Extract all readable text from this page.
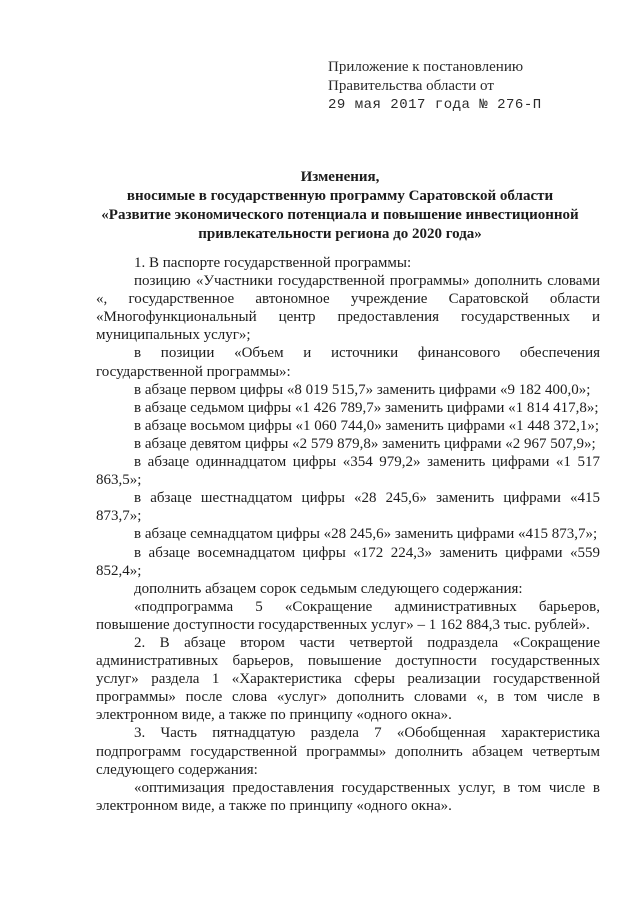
Приложение к постановлению
Правительства области от
29 мая 2017 года № 276-П
Изменения,
вносимые в государственную программу Саратовской области
«Развитие экономического потенциала и повышение инвестиционной
привлекательности региона до 2020 года»

1. В паспорте государственной программы:

позицию «Участники государственной программы» дополнить словами «, государственное автономное учреждение Саратовской области «Многофункциональный центр предоставления государственных и муниципальных услуг»;

в позиции «Объем и источники финансового обеспечения государственной программы»:

в абзаце первом цифры «8 019 515,7» заменить цифрами «9 182 400,0»;

в абзаце седьмом цифры «1 426 789,7» заменить цифрами «1 814 417,8»;

в абзаце восьмом цифры «1 060 744,0» заменить цифрами «1 448 372,1»;

в абзаце девятом цифры «2 579 879,8» заменить цифрами «2 967 507,9»;

в абзаце одиннадцатом цифры «354 979,2» заменить цифрами «1 517 863,5»;

в абзаце шестнадцатом цифры «28 245,6» заменить цифрами «415 873,7»;

в абзаце семнадцатом цифры «28 245,6» заменить цифрами «415 873,7»;

в абзаце восемнадцатом цифры «172 224,3» заменить цифрами «559 852,4»;

дополнить абзацем сорок седьмым следующего содержания:

«подпрограмма 5 «Сокращение административных барьеров, повышение доступности государственных услуг» – 1 162 884,3 тыс. рублей».

2. В абзаце втором части четвертой подраздела «Сокращение административных барьеров, повышение доступности государственных услуг» раздела 1 «Характеристика сферы реализации государственной программы» после слова «услуг» дополнить словами «, в том числе в электронном виде, а также по принципу «одного окна».

3. Часть пятнадцатую раздела 7 «Обобщенная характеристика подпрограмм государственной программы» дополнить абзацем четвертым следующего содержания:

«оптимизация предоставления государственных услуг, в том числе в электронном виде, а также по принципу «одного окна».
